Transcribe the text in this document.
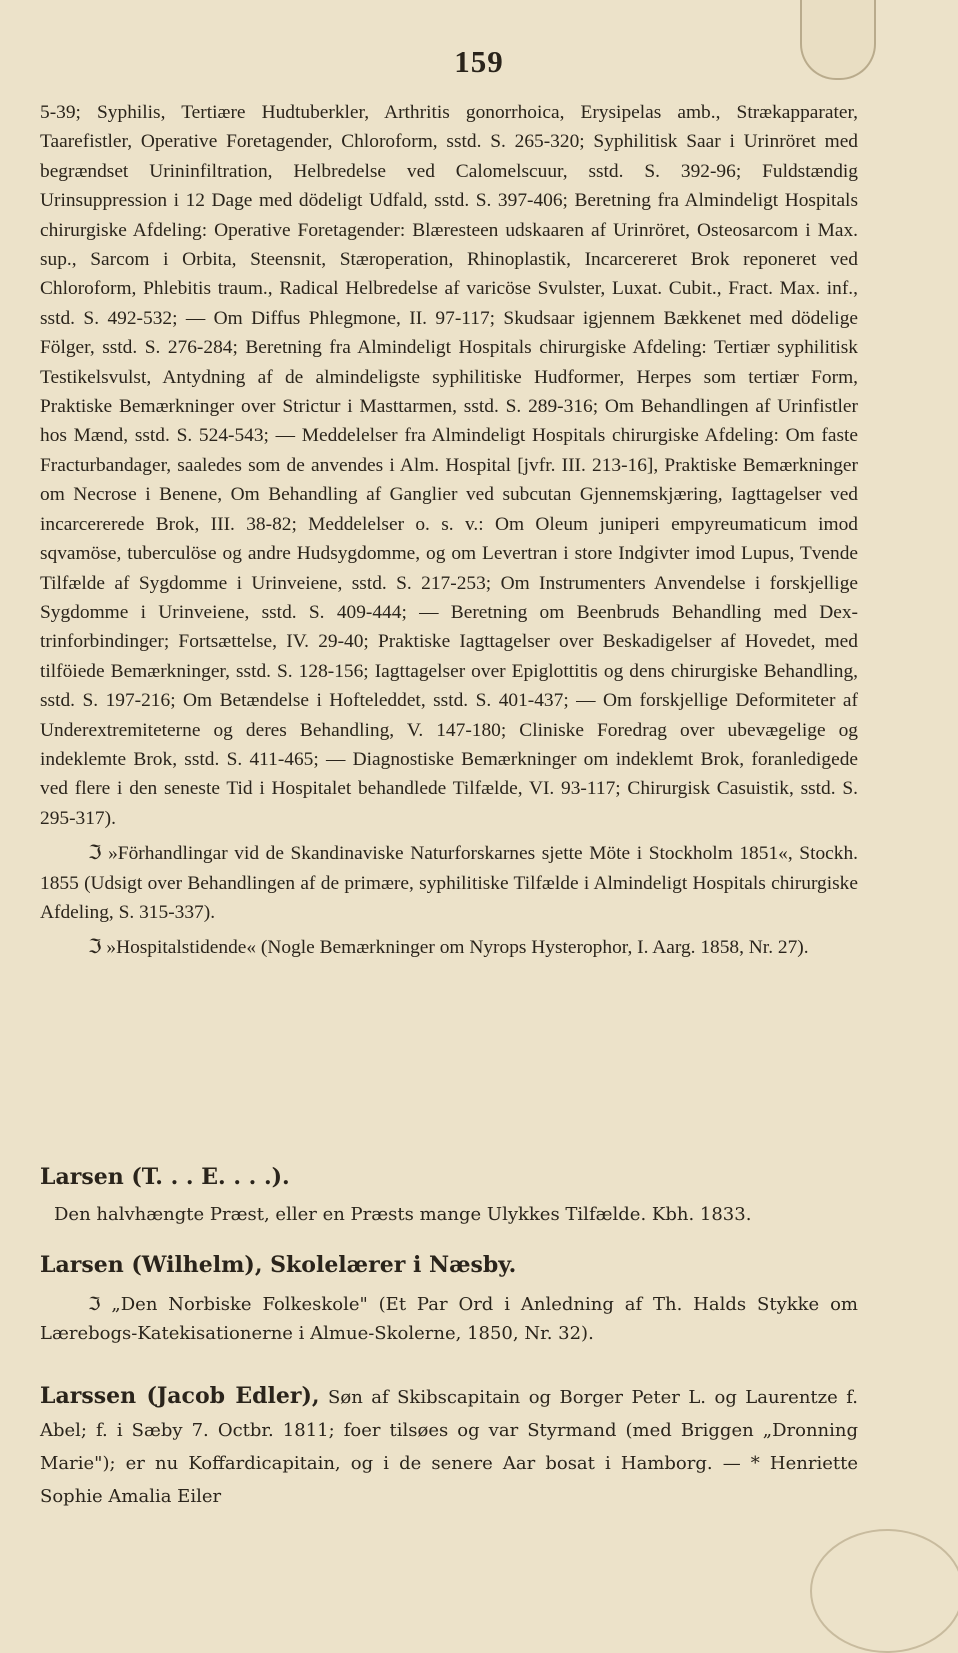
159

5-39; Syphilis, Tertiære Hudtuberkler, Arthritis gonorrhoica, Erysipelas amb., Strækapparater, Taarefistler, Operative Foretagender, Chloroform, sstd. S. 265-320; Syphilitisk Saar i Urinröret med begrændset Urininfiltration, Helbredelse ved Calomelscuur, sstd. S. 392-96; Fuldstændig Urinsuppression i 12 Dage med dödeligt Udfald, sstd. S. 397-406; Beretning fra Almindeligt Hospitals chirurgiske Afdeling: Operative Foretagender: Blæresteen udskaaren af Urinröret, Osteosarcom i Max. sup., Sarcom i Orbita, Steensnit, Stæroperation, Rhinoplastik, Incarcereret Brok reponeret ved Chloroform, Phlebitis traum., Radical Helbredelse af varicöse Svulster, Luxat. Cubit., Fract. Max. inf., sstd. S. 492-532; — Om Diffus Phlegmone, II. 97-117; Skudsaar igjennem Bækkenet med dödelige Fölger, sstd. S. 276-284; Beretning fra Almindeligt Hospitals chirurgiske Afdeling: Tertiær syphilitisk Testikelsvulst, Antydning af de almindeligste syphilitiske Hudformer, Herpes som tertiær Form, Praktiske Bemærkninger over Strictur i Masttarmen, sstd. S. 289-316; Om Behandlingen af Urinfistler hos Mænd, sstd. S. 524-543; — Meddelelser fra Almindeligt Hospitals chirurgiske Afdeling: Om faste Fracturbandager, saaledes som de anvendes i Alm. Hospital [jvfr. III. 213-16], Praktiske Bemærkninger om Necrose i Benene, Om Behandling af Ganglier ved subcutan Gjennemskjæring, Iagttagelser ved incarcererede Brok, III. 38-82; Meddelelser o. s. v.: Om Oleum juniperi empyreumaticum imod sqvamöse, tuberculöse og andre Hudsygdomme, og om Levertran i store Indgivter imod Lupus, Tvende Tilfælde af Sygdomme i Urinveiene, sstd. S. 217-253; Om Instrumenters Anvendelse i forskjellige Sygdomme i Urinveiene, sstd. S. 409-444; — Beretning om Beenbruds Behandling med Dextrinforbindinger; Fortsættelse, IV. 29-40; Praktiske Iagttagelser over Beskadigelser af Hovedet, med tilföiede Bemærkninger, sstd. S. 128-156; Iagttagelser over Epiglottitis og dens chirurgiske Behandling, sstd. S. 197-216; Om Betændelse i Hofteleddet, sstd. S. 401-437; — Om forskjellige Deformiteter af Underextremiteterne og deres Behandling, V. 147-180; Cliniske Foredrag over ubevægelige og indeklemte Brok, sstd. S. 411-465; — Diagnostiske Bemærkninger om indeklemt Brok, foranledigede ved flere i den seneste Tid i Hospitalet behandlede Tilfælde, VI. 93-117; Chirurgisk Casuistik, sstd. S. 295-317).

ℑ »Förhandlingar vid de Skandinaviske Naturforskarnes sjette Möte i Stockholm 1851«, Stockh. 1855 (Udsigt over Behandlingen af de primære, syphilitiske Tilfælde i Almindeligt Hospitals chirurgiske Afdeling, S. 315-337).

ℑ »Hospitalstidende« (Nogle Bemærkninger om Nyrops Hysterophor, I. Aarg. 1858, Nr. 27).

Larsen (T. . . E. . . .).
Den halvhængte Præst, eller en Præsts mange Ulykkes Tilfælde. Kbh. 1833.
Larsen (Wilhelm), Skolelærer i Næsby.
ℑ „Den Norbiske Folkeskole" (Et Par Ord i Anledning af Th. Halds Stykke om Lærebogs-Katekisationerne i Almue-Skolerne, 1850, Nr. 32).
Larssen (Jacob Edler), Søn af Skibscapitain og Borger Peter L. og Laurentze f. Abel; f. i Sæby 7. Octbr. 1811; foer tilsøes og var Styrmand (med Briggen „Dronning Marie"); er nu Koffardicapitain, og i de senere Aar bosat i Hamborg. — * Henriette Sophie Amalia Eiler
